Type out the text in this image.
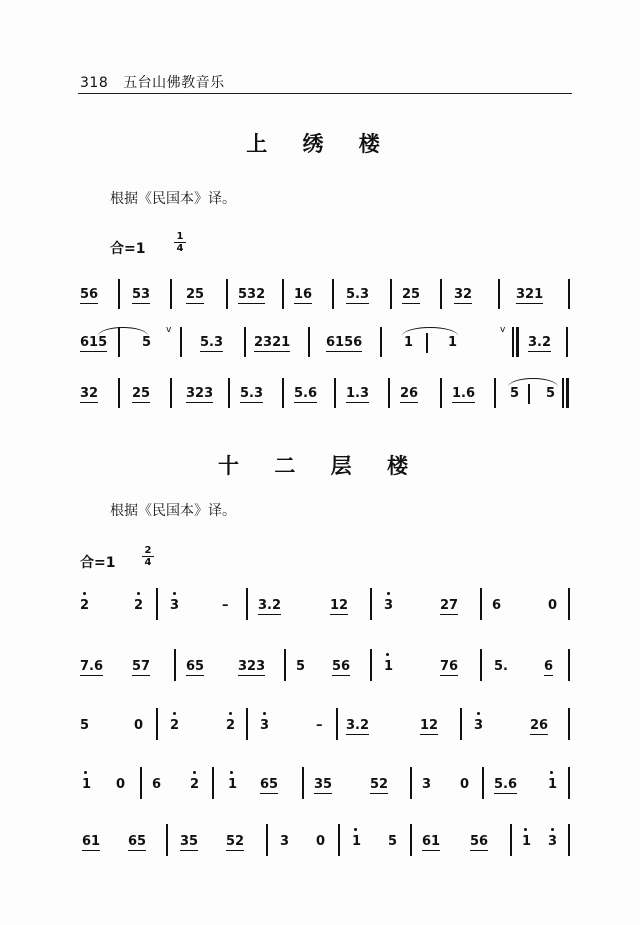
318 五台山佛教音乐
上 绣 楼
根据《民国本》译。
合=1	$\frac{1}{4}$
56	53	25	532 16	5.3	25	32	321
615	5
v
5.3 2321	6156	1	1
v
3.2
32	25	323 5.3 5.6 1.3 26	1.6	5 5
十 二 层 楼
根据《民国本》译。
合=1	$\frac{2}{4}$
2	2 3	– 3.2	12	3	27	6	0
7.6 57	65	323 5 56	1	76	5.	6
5	0 2	2 3	– 3.2	12	3	26
1 0 6 2 1 65	35	52	3 0 5.6 1
61 65	35 52	3 0 1 5 61 56	1 3
